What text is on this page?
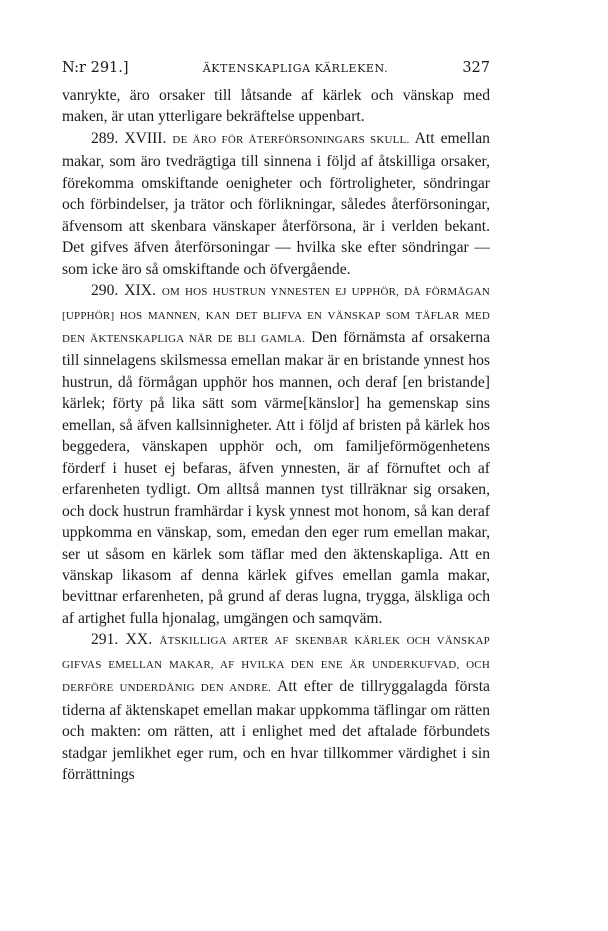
N:r 291.]	ÄKTENSKAPLIGA KÄRLEKEN.	327

vanrykte, äro orsaker till låtsande af kärlek och vänskap med maken, är utan ytterligare bekräftelse uppenbart.

289. XVIII. DE ÄRO FÖR ÅTERFÖRSONINGARS SKULL. Att emellan makar, som äro tvedrägtiga till sinnena i följd af åtskilliga orsaker, förekomma omskiftande oenigheter och förtroligheter, söndringar och förbindelser, ja trätor och förlikningar, således återförsoningar, äfvensom att skenbara vänskaper återförsona, är i verlden bekant. Det gifves äfven återförsoningar — hvilka ske efter söndringar — som icke äro så omskiftande och öfvergående.

290. XIX. OM HOS HUSTRUN YNNESTEN EJ UPPHÖR, DÅ FÖRMÅGAN [UPPHÖR] HOS MANNEN, KAN DET BLIFVA EN VÄNSKAP SOM TÄFLAR MED DEN ÄKTENSKAPLIGA NÄR DE BLI GAMLA. Den förnämsta af orsakerna till sinnelagens skilsmessa emellan makar är en bristande ynnest hos hustrun, då förmågan upphör hos mannen, och deraf [en bristande] kärlek; förty på lika sätt som värme[känslor] ha gemenskap sins emellan, så äfven kallsinnigheter. Att i följd af bristen på kärlek hos beggedera, vänskapen upphör och, om familjeförmögenhetens förderf i huset ej befaras, äfven ynnesten, är af förnuftet och af erfarenheten tydligt. Om alltså mannen tyst tillräknar sig orsaken, och dock hustrun framhärdar i kysk ynnest mot honom, så kan deraf uppkomma en vänskap, som, emedan den eger rum emellan makar, ser ut såsom en kärlek som täflar med den äktenskapliga. Att en vänskap likasom af denna kärlek gifves emellan gamla makar, bevittnar erfarenheten, på grund af deras lugna, trygga, älskliga och af artighet fulla hjonalag, umgängen och samqväm.

291. XX. ÅTSKILLIGA ARTER AF SKENBAR KÄRLEK OCH VÄNSKAP GIFVAS EMELLAN MAKAR, AF HVILKA DEN ENE ÄR UNDERKUFVAD, OCH DERFÖRE UNDERDÅNIG DEN ANDRE. Att efter de tillryggalagda första tiderna af äktenskapet emellan makar uppkomma täflingar om rätten och makten: om rätten, att i enlighet med det aftalade förbundets stadgar jemlikhet eger rum, och en hvar tillkommer värdighet i sin förrättnings
